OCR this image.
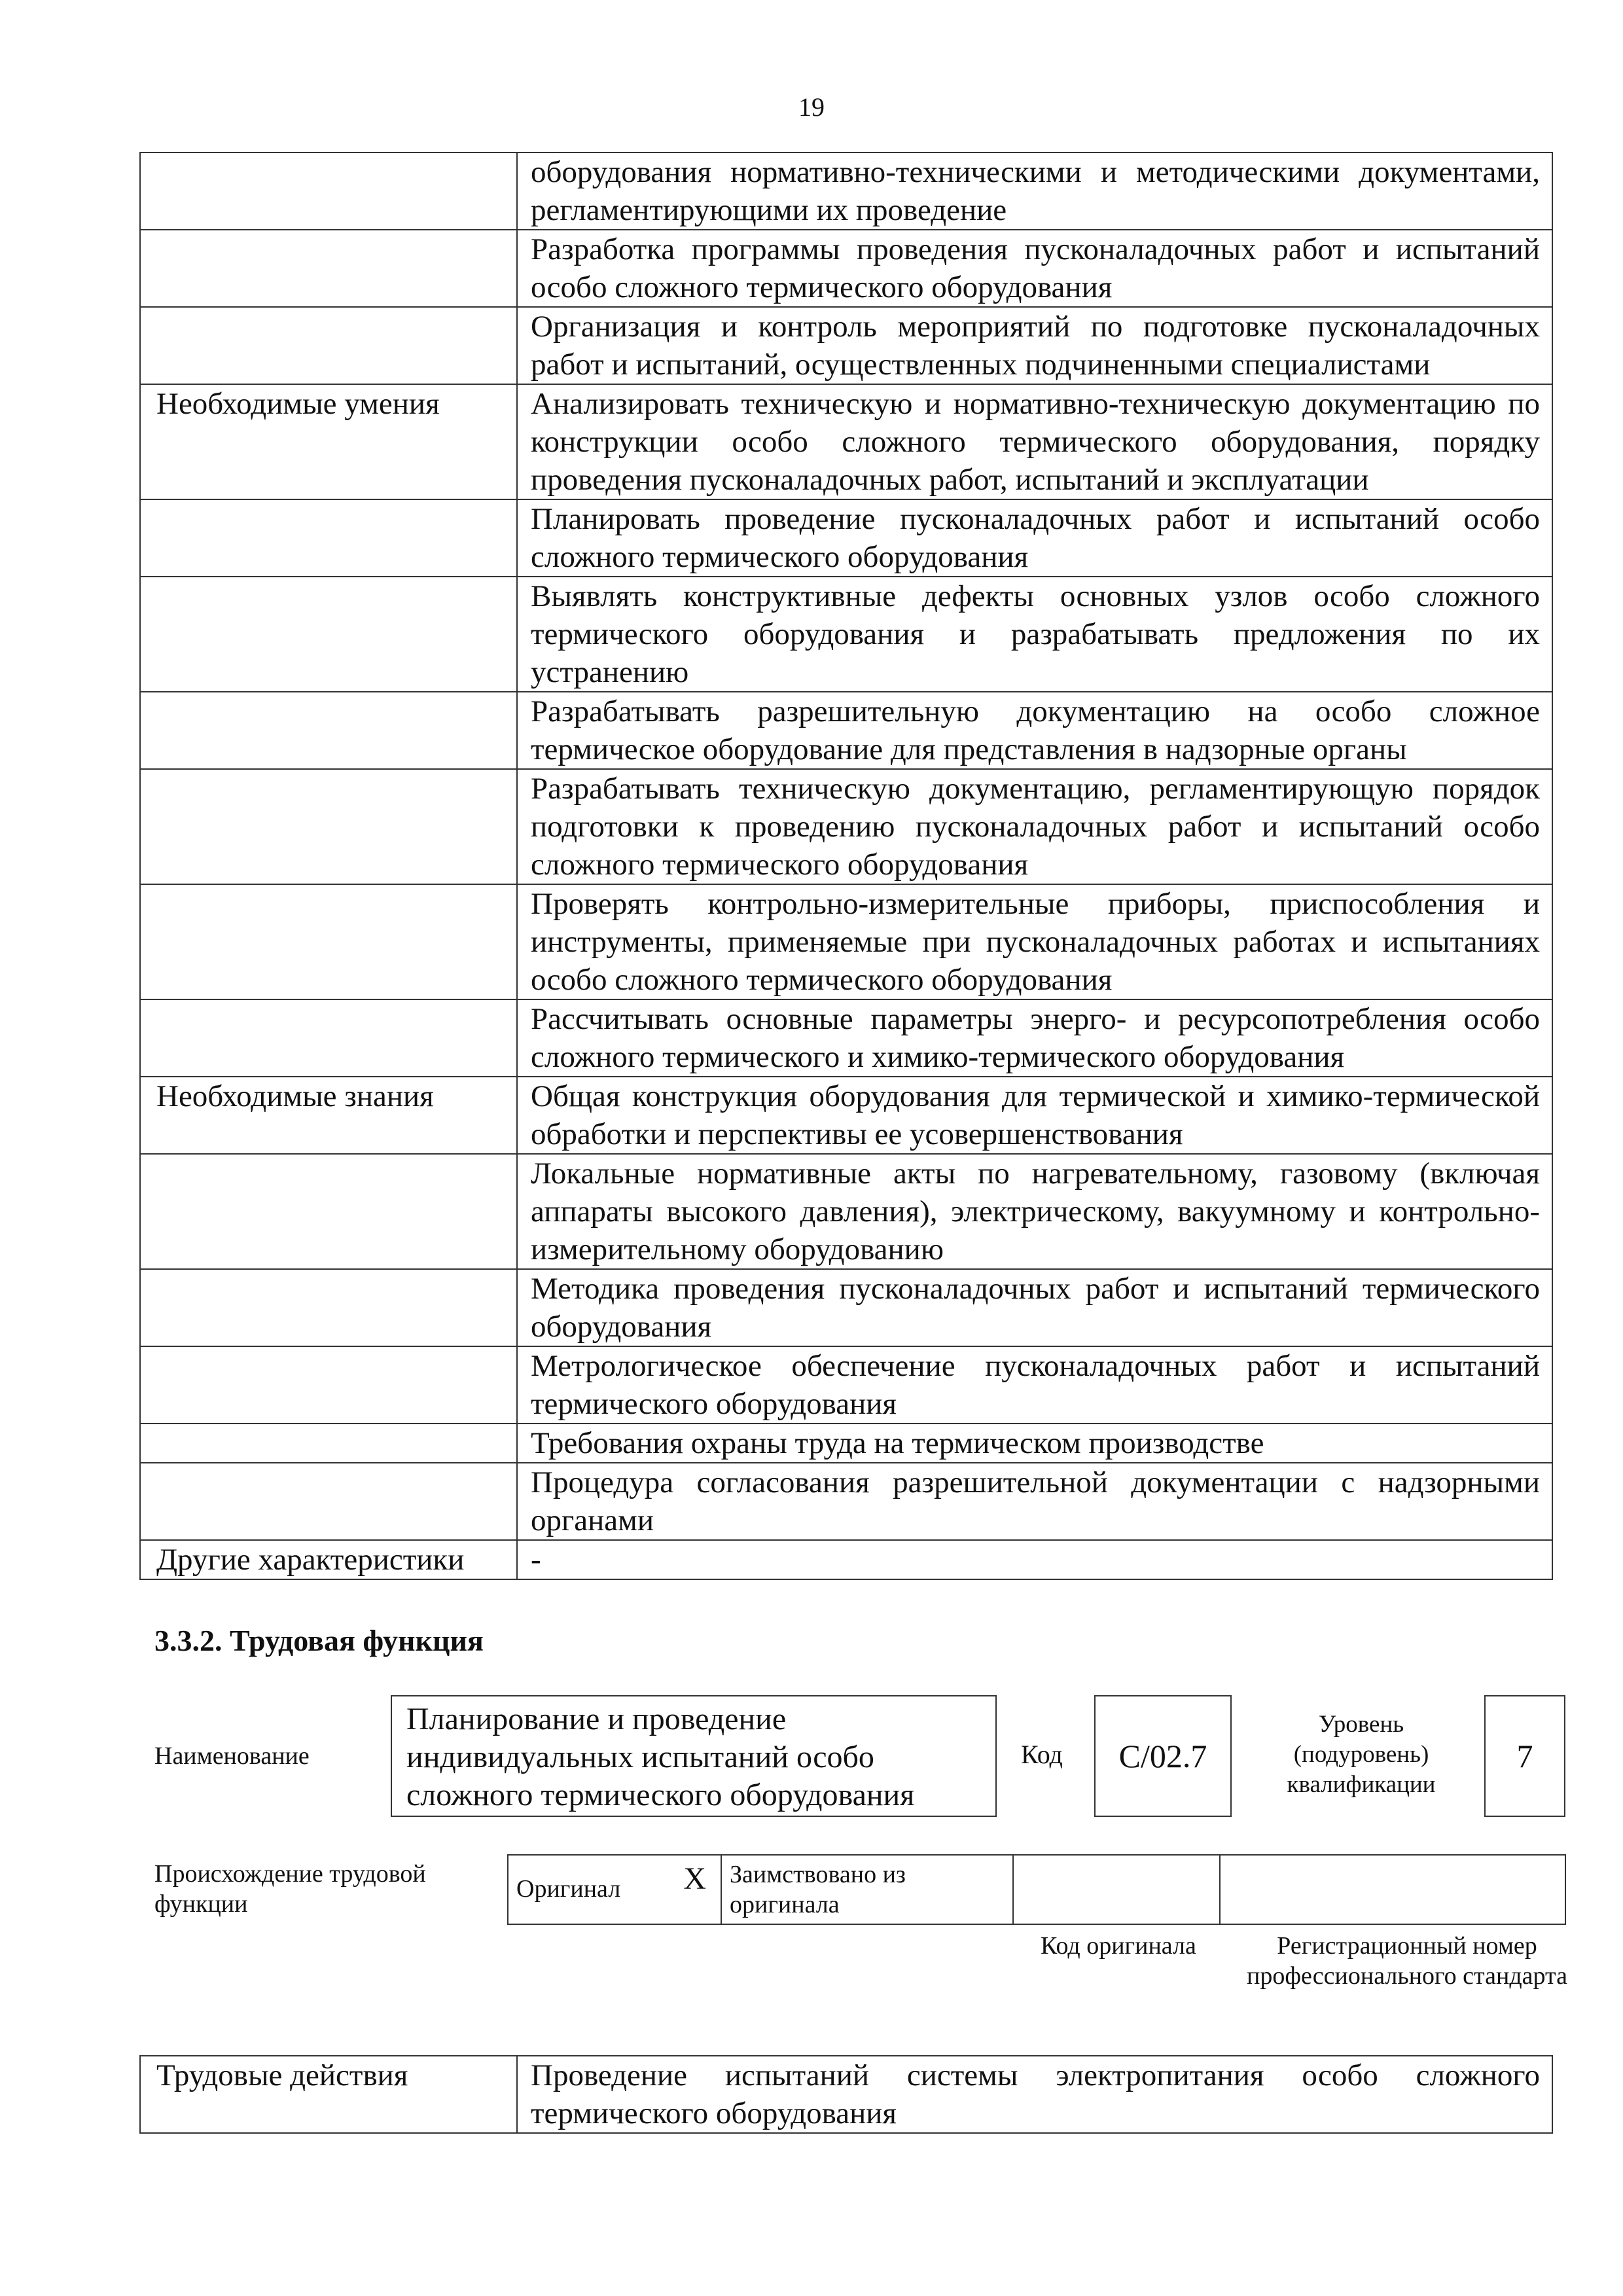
19
	оборудования нормативно-техническими и методическими документами, регламентирующими их проведение
	Разработка программы проведения пусконаладочных работ и испытаний особо сложного термического оборудования
	Организация и контроль мероприятий по подготовке пусконаладочных работ и испытаний, осуществленных подчиненными специалистами
Необходимые умения	Анализировать техническую и нормативно-техническую документацию по конструкции особо сложного термического оборудования, порядку проведения пусконаладочных работ, испытаний и эксплуатации
	Планировать проведение пусконаладочных работ и испытаний особо сложного термического оборудования
	Выявлять конструктивные дефекты основных узлов особо сложного термического оборудования и разрабатывать предложения по их устранению
	Разрабатывать разрешительную документацию на особо сложное термическое оборудование для представления в надзорные органы
	Разрабатывать техническую документацию, регламентирующую порядок подготовки к проведению пусконаладочных работ и испытаний особо сложного термического оборудования
	Проверять контрольно-измерительные приборы, приспособления и инструменты, применяемые при пусконаладочных работах и испытаниях особо сложного термического оборудования
	Рассчитывать основные параметры энерго- и ресурсопотребления особо сложного термического и химико-термического оборудования
Необходимые знания	Общая конструкция оборудования для термической и химико-термической обработки и перспективы ее усовершенствования
	Локальные нормативные акты по нагревательному, газовому (включая аппараты высокого давления), электрическому, вакуумному и контрольно-измерительному оборудованию
	Методика проведения пусконаладочных работ и испытаний термического оборудования
	Метрологическое обеспечение пусконаладочных работ и испытаний термического оборудования
	Требования охраны труда на термическом производстве
	Процедура согласования разрешительной документации с надзорными органами
Другие характеристики	-
3.3.2. Трудовая функция
Наименование
Планирование и проведение индивидуальных испытаний особо сложного термического оборудования
Код	C/02.7
Уровень (подуровень) квалификации
7
Происхождение трудовой функции
X
Оригинал	Заимствовано из оригинала		
Код оригинала	Регистрационный номер профессионального стандарта
Трудовые действия	Проведение испытаний системы электропитания особо сложного термического оборудования
